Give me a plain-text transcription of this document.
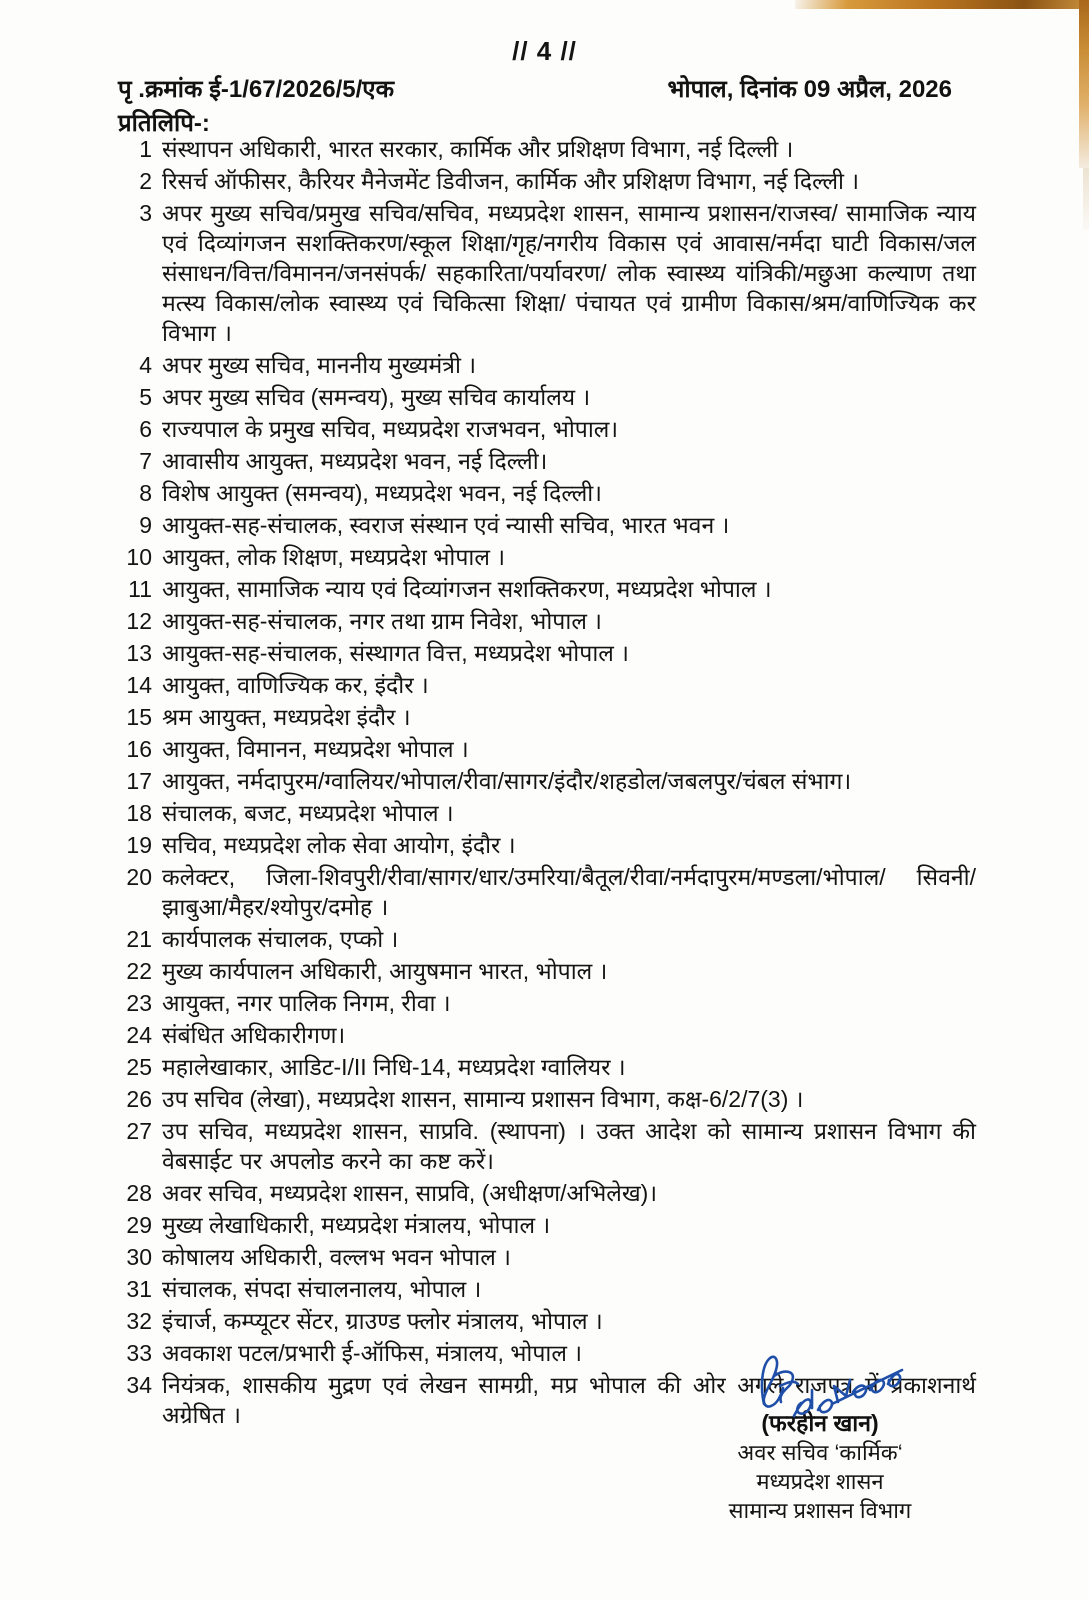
// 4 //
पृ .क्रमांक ई-1/67/2026/5/एक	भोपाल, दिनांक 09 अप्रैल, 2026
प्रतिलिपि-:
1 संस्थापन अधिकारी, भारत सरकार, कार्मिक और प्रशिक्षण विभाग, नई दिल्ली ।
2 रिसर्च ऑफीसर, कैरियर मैनेजमेंट डिवीजन, कार्मिक और प्रशिक्षण विभाग, नई दिल्ली ।
3 अपर मुख्य सचिव/प्रमुख सचिव/सचिव, मध्यप्रदेश शासन, सामान्य प्रशासन/राजस्व/ सामाजिक न्याय एवं दिव्यांगजन सशक्तिकरण/स्कूल शिक्षा/गृह/नगरीय विकास एवं आवास/नर्मदा घाटी विकास/जल संसाधन/वित्त/विमानन/जनसंपर्क/ सहकारिता/पर्यावरण/ लोक स्वास्थ्य यांत्रिकी/मछुआ कल्याण तथा मत्स्य विकास/लोक स्वास्थ्य एवं चिकित्सा शिक्षा/ पंचायत एवं ग्रामीण विकास/श्रम/वाणिज्यिक कर विभाग ।
4 अपर मुख्य सचिव, माननीय मुख्यमंत्री ।
5 अपर मुख्य सचिव (समन्वय), मुख्य सचिव कार्यालय ।
6 राज्यपाल के प्रमुख सचिव, मध्यप्रदेश राजभवन, भोपाल।
7 आवासीय आयुक्त, मध्यप्रदेश भवन, नई दिल्ली।
8 विशेष आयुक्त (समन्वय), मध्यप्रदेश भवन, नई दिल्ली।
9 आयुक्त-सह-संचालक, स्वराज संस्थान एवं न्यासी सचिव, भारत भवन ।
10 आयुक्त, लोक शिक्षण, मध्यप्रदेश भोपाल ।
11 आयुक्त, सामाजिक न्याय एवं दिव्यांगजन सशक्तिकरण, मध्यप्रदेश भोपाल ।
12 आयुक्त-सह-संचालक, नगर तथा ग्राम निवेश, भोपाल ।
13 आयुक्त-सह-संचालक, संस्थागत वित्त, मध्यप्रदेश भोपाल ।
14 आयुक्त, वाणिज्यिक कर, इंदौर ।
15 श्रम आयुक्त, मध्यप्रदेश इंदौर ।
16 आयुक्त, विमानन, मध्यप्रदेश भोपाल ।
17 आयुक्त, नर्मदापुरम/ग्वालियर/भोपाल/रीवा/सागर/इंदौर/शहडोल/जबलपुर/चंबल संभाग।
18 संचालक, बजट, मध्यप्रदेश भोपाल ।
19 सचिव, मध्यप्रदेश लोक सेवा आयोग, इंदौर ।
20 कलेक्टर, जिला-शिवपुरी/रीवा/सागर/धार/उमरिया/बैतूल/रीवा/नर्मदापुरम/मण्डला/भोपाल/ सिवनी/झाबुआ/मैहर/श्योपुर/दमोह ।
21 कार्यपालक संचालक, एप्को ।
22 मुख्य कार्यपालन अधिकारी, आयुषमान भारत, भोपाल ।
23 आयुक्त, नगर पालिक निगम, रीवा ।
24 संबंधित अधिकारीगण।
25 महालेखाकार, आडिट-I/II निधि-14, मध्यप्रदेश ग्वालियर ।
26 उप सचिव (लेखा), मध्यप्रदेश शासन, सामान्य प्रशासन विभाग, कक्ष-6/2/7(3) ।
27 उप सचिव, मध्यप्रदेश शासन, साप्रवि. (स्थापना) । उक्त आदेश को सामान्य प्रशासन विभाग की वेबसाईट पर अपलोड करने का कष्ट करें।
28 अवर सचिव, मध्यप्रदेश शासन, साप्रवि, (अधीक्षण/अभिलेख)।
29 मुख्य लेखाधिकारी, मध्यप्रदेश मंत्रालय, भोपाल ।
30 कोषालय अधिकारी, वल्लभ भवन भोपाल ।
31 संचालक, संपदा संचालनालय, भोपाल ।
32 इंचार्ज, कम्प्यूटर सेंटर, ग्राउण्ड फ्लोर मंत्रालय, भोपाल ।
33 अवकाश पटल/प्रभारी ई-ऑफिस, मंत्रालय, भोपाल ।
34 नियंत्रक, शासकीय मुद्रण एवं लेखन सामग्री, मप्र भोपाल की ओर अगले राजपत्र में प्रकाशनार्थ अग्रेषित ।	(फरहीन खान)
अवर सचिव ‘कार्मिक‘
मध्यप्रदेश शासन
सामान्य प्रशासन विभाग
